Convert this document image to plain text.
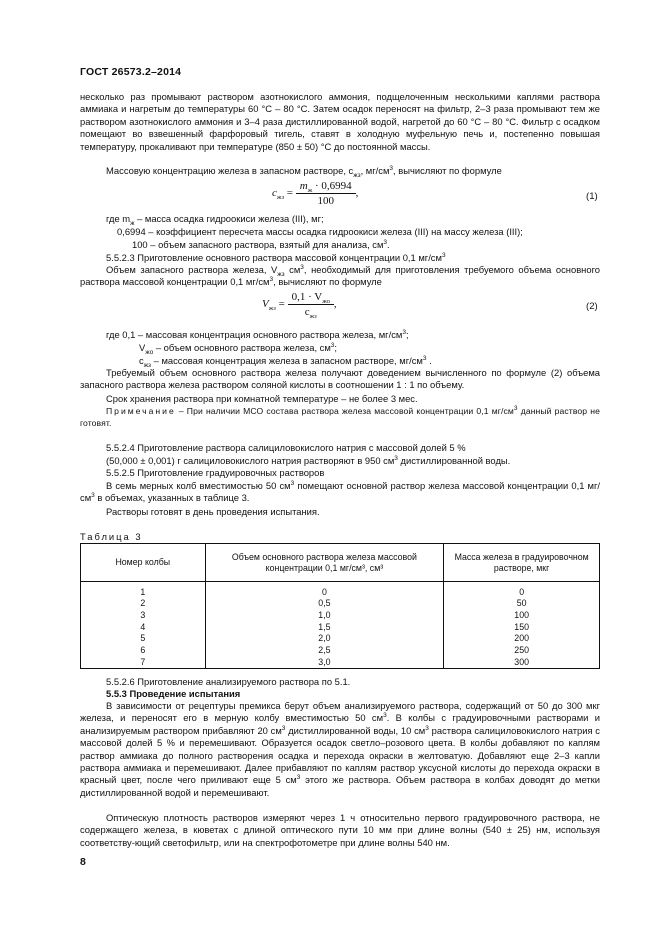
ГОСТ 26573.2–2014
несколько раз промывают раствором азотнокислого аммония, подщелоченным несколькими каплями раствора аммиака и нагретым до температуры 60 °С – 80 °С. Затем осадок переносят на фильтр, 2–3 раза промывают тем же раствором азотнокислого аммония и 3–4 раза дистиллированной водой, нагретой до 60 °С – 80 °С. Фильтр с осадком помещают во взвешенный фарфоровый тигель, ставят в холодную муфельную печь и, постепенно повышая температуру, прокаливают при температуре (850 ± 50) °С до постоянной массы.
Массовую концентрацию железа в запасном растворе, $с_{жз}$, $мг/см^3$, вычисляют по формуле
$с_{жз} = \frac{m_ж \cdot 0,6994}{100}$ ,	(1)
где $m_ж$ – масса осадка гидроокиси железа (III), мг;
0,6994 – коэффициент пересчета массы осадка гидроокиси железа (III) на массу железа (III);
100 – объем запасного раствора, взятый для анализа, $см^3$.
5.5.2.3 Приготовление основного раствора массовой концентрации 0,1 $мг/см^3$
Объем запасного раствора железа, $V_{жз}$ $см^3$, необходимый для приготовления требуемого объема основного раствора массовой концентрации 0,1 $мг/см^3$, вычисляют по формуле
$V_{жз} = \frac{0,1 \cdot V_{жо}}{с_{жз}}$ ,	(2)
где 0,1 – массовая концентрация основного раствора железа, $мг/см^3$;
$V_{жо}$ – объем основного раствора железа, $см^3$;
$с_{жз}$ – массовая концентрация железа в запасном растворе, $мг/см^3$ .
Требуемый объем основного раствора железа получают доведением вычисленного по формуле (2) объема запасного раствора железа раствором соляной кислоты в соотношении 1 : 1 по объему.
Срок хранения раствора при комнатной температуре – не более 3 мес.
Примечание – При наличии МСО состава раствора железа массовой концентрации 0,1 $мг/см^3$ данный раствор не готовят.
5.5.2.4 Приготовление раствора салициловокислого натрия с массовой долей 5 %
(50,000 ± 0,001) г салициловокислого натрия растворяют в 950 $см^3$ дистиллированной воды.
5.5.2.5 Приготовление градуировочных растворов
В семь мерных колб вместимостью 50 $см^3$ помещают основной раствор железа массовой концентрации 0,1 $мг/см^3$ в объемах, указанных в таблице 3.
Растворы готовят в день проведения испытания.
Таблица 3
Номер колбы	Объем основного раствора железа массовой концентрации 0,1 мг/см³, см³	Масса железа в градуировочном растворе, мкг
1	0	0
2	0,5	50
3	1,0	100
4	1,5	150
5	2,0	200
6	2,5	250
7	3,0	300
5.5.2.6 Приготовление анализируемого раствора по 5.1.
5.5.3 Проведение испытания
В зависимости от рецептуры премикса берут объем анализируемого раствора, содержащий от 50 до 300 мкг железа, и переносят его в мерную колбу вместимостью 50 $см^3$. В колбы с градуировочными растворами и анализируемым раствором прибавляют 20 $см^3$ дистиллированной воды, 10 $см^3$ раствора салициловокислого натрия с массовой долей 5 % и перемешивают. Образуется осадок светло–розового цвета. В колбы добавляют по каплям раствор аммиака до полного растворения осадка и перехода окраски в желтоватую. Добавляют еще 2–3 капли раствора аммиака и перемешивают. Далее прибавляют по каплям раствор уксусной кислоты до перехода окраски в красный цвет, после чего приливают еще 5 $см^3$ этого же раствора. Объем раствора в колбах доводят до метки дистиллированной водой и перемешивают.
Оптическую плотность растворов измеряют через 1 ч относительно первого градуировочного раствора, не содержащего железа, в кюветах с длиной оптического пути 10 мм при длине волны (540 ± 25) нм, используя соответству-ющий светофильтр, или на спектрофотометре при длине волны 540 нм.
8
